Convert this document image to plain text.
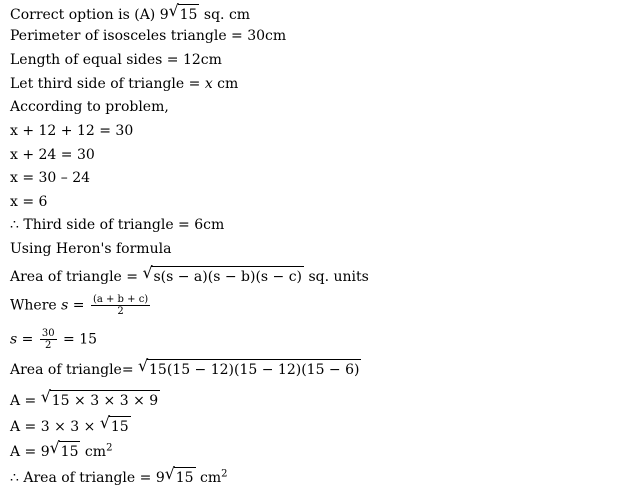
Correct option is (A) 9 √ 15 sq. cm
Perimeter of isosceles triangle = 30cm
Length of equal sides = 12cm
Let third side of triangle = x cm
According to problem,
x + 12 + 12 = 30
x + 24 = 30
x = 30 – 24
x = 6
∴ Third side of triangle = 6cm
Using Heron's formula
Area of triangle = √ s(s − a)(s − b)(s − c) sq. units
Where $s = \frac{(a + b + c)}{2}$
$s = \frac{30}{2} = 15$
Area of triangle= √ 15(15 − 12)(15 − 12)(15 − 6)
A = √ 15 × 3 × 3 × 9
A = 3 × 3 × √ 15
A = 9 √ 15 $cm^2$
∴ Area of triangle = 9 √ 15 $cm^2$
